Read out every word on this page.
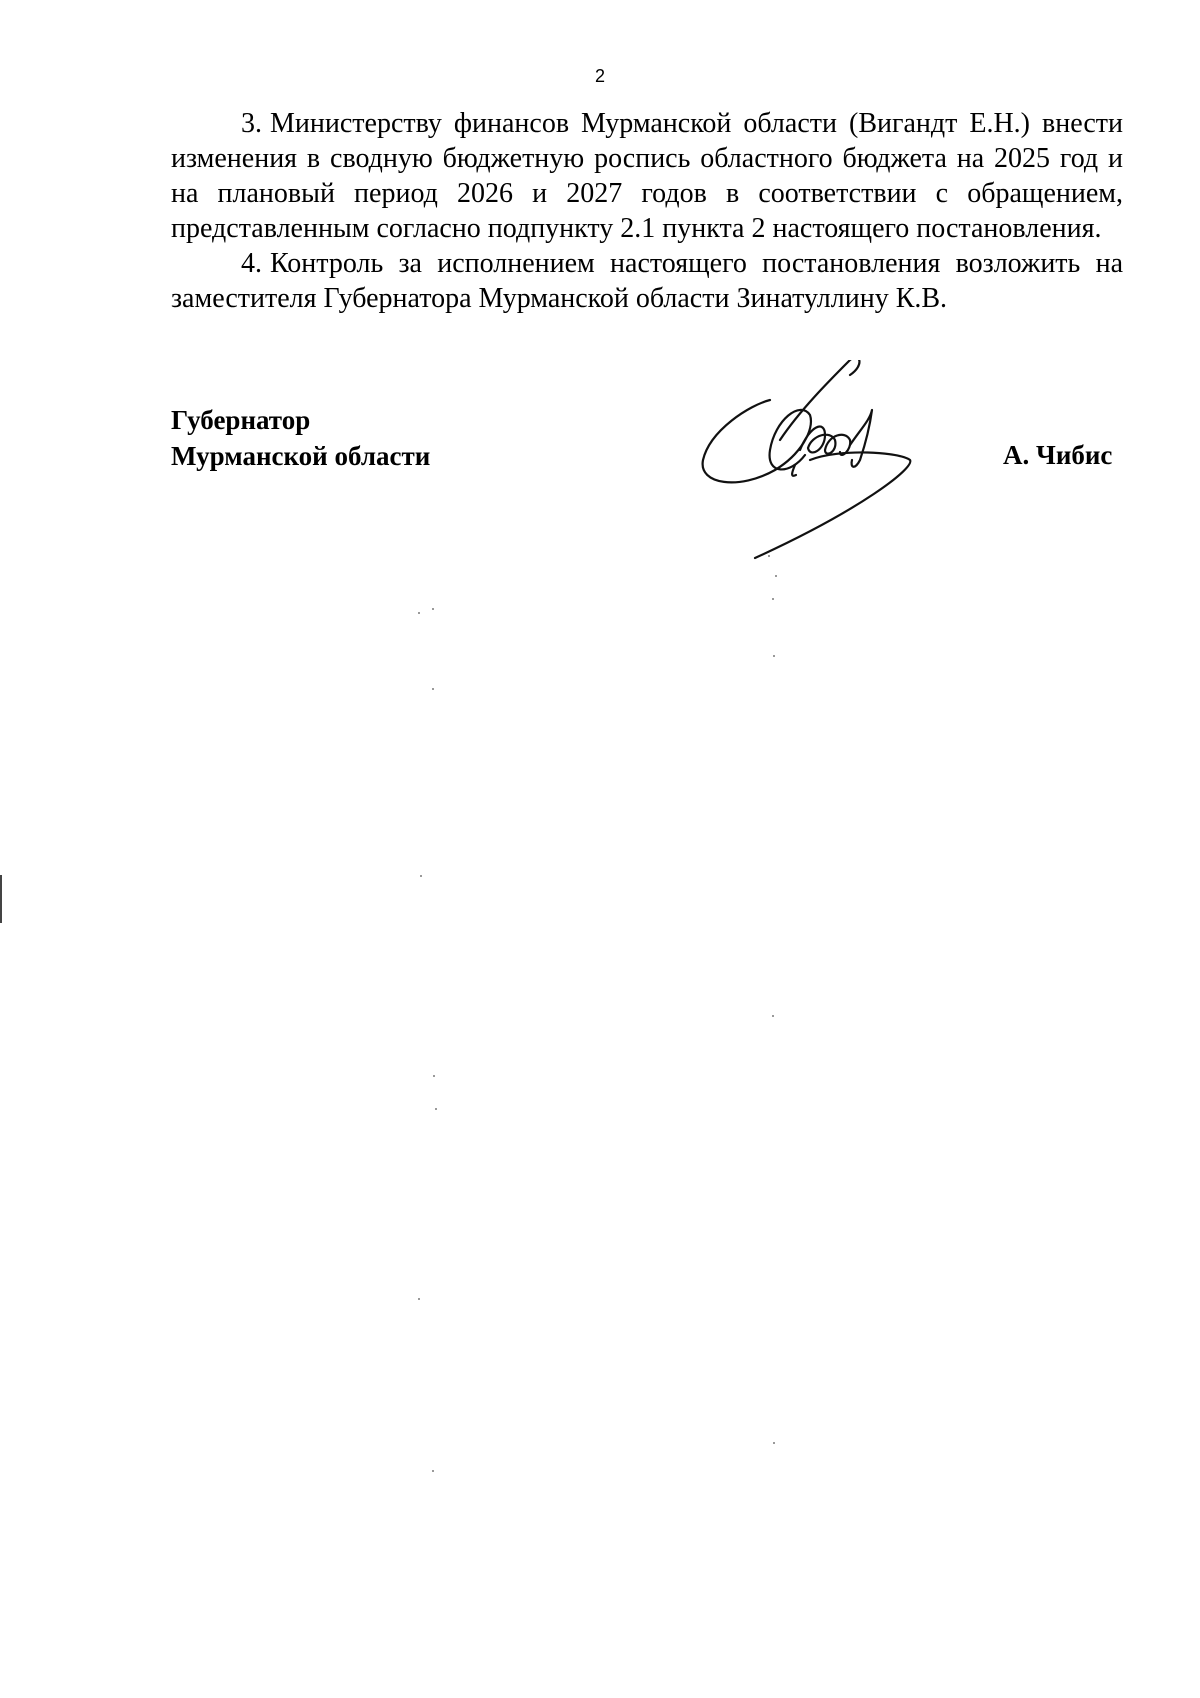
2

3. Министерству финансов Мурманской области (Вигандт Е.Н.) внести изменения в сводную бюджетную роспись областного бюджета на 2025 год и на плановый период 2026 и 2027 годов в соответствии с обращением, представленным согласно подпункту 2.1 пункта 2 настоящего постановления.

4. Контроль за исполнением настоящего постановления возложить на заместителя Губернатора Мурманской области Зинатуллину К.В.

Губернатор
Мурманской области	А. Чибис
